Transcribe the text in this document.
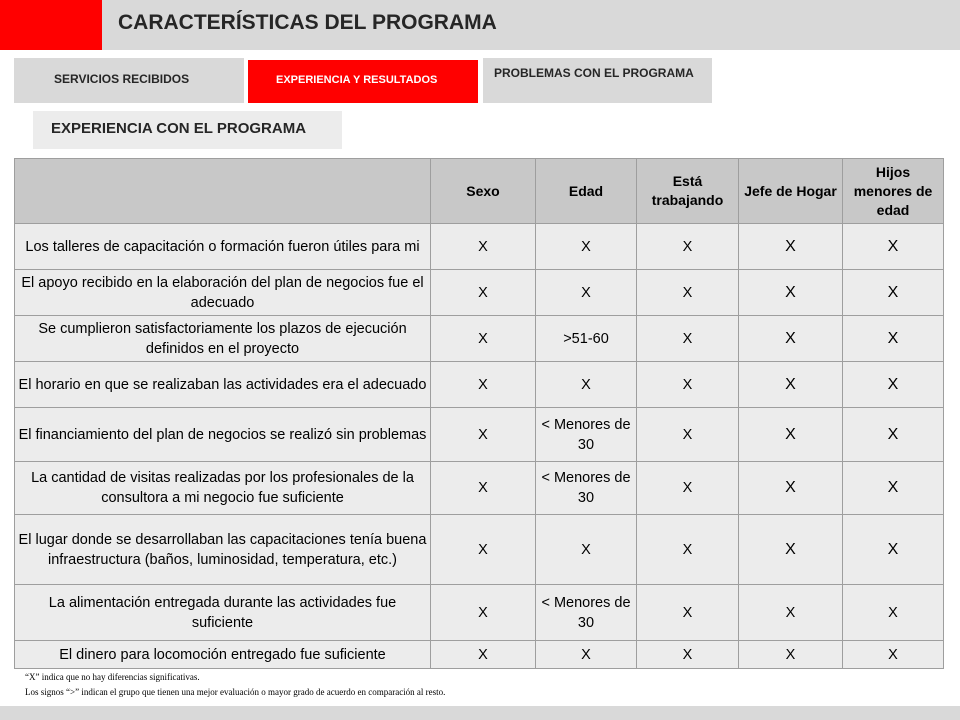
CARACTERÍSTICAS DEL PROGRAMA
SERVICIOS RECIBIDOS	EXPERIENCIA Y RESULTADOS	PROBLEMAS CON EL PROGRAMA
EXPERIENCIA CON EL PROGRAMA
	Sexo	Edad	Está trabajando	Jefe de Hogar	Hijos menores de edad
Los talleres de capacitación o formación fueron útiles para mi	X	X	X	X	X
El apoyo recibido en la elaboración del plan de negocios fue el adecuado	X	X	X	X	X
Se cumplieron satisfactoriamente los plazos de ejecución definidos en el proyecto	X	>51-60	X	X	X
El horario en que se realizaban las actividades era el adecuado	X	X	X	X	X
El financiamiento del plan de negocios se realizó sin problemas	X	< Menores de 30	X	X	X
La cantidad de visitas realizadas por los profesionales de la consultora a mi negocio fue suficiente	X	< Menores de 30	X	X	X
El lugar donde se desarrollaban las capacitaciones tenía buena infraestructura (baños, luminosidad, temperatura, etc.)	X	X	X	X	X
La alimentación entregada durante las actividades fue suficiente	X	< Menores de 30	X	X	X
El dinero para locomoción entregado fue suficiente	X	X	X	X	X
“X” indica que no hay diferencias significativas.
Los signos “>” indican el grupo que tienen una mejor evaluación o mayor grado de acuerdo en comparación al resto.
